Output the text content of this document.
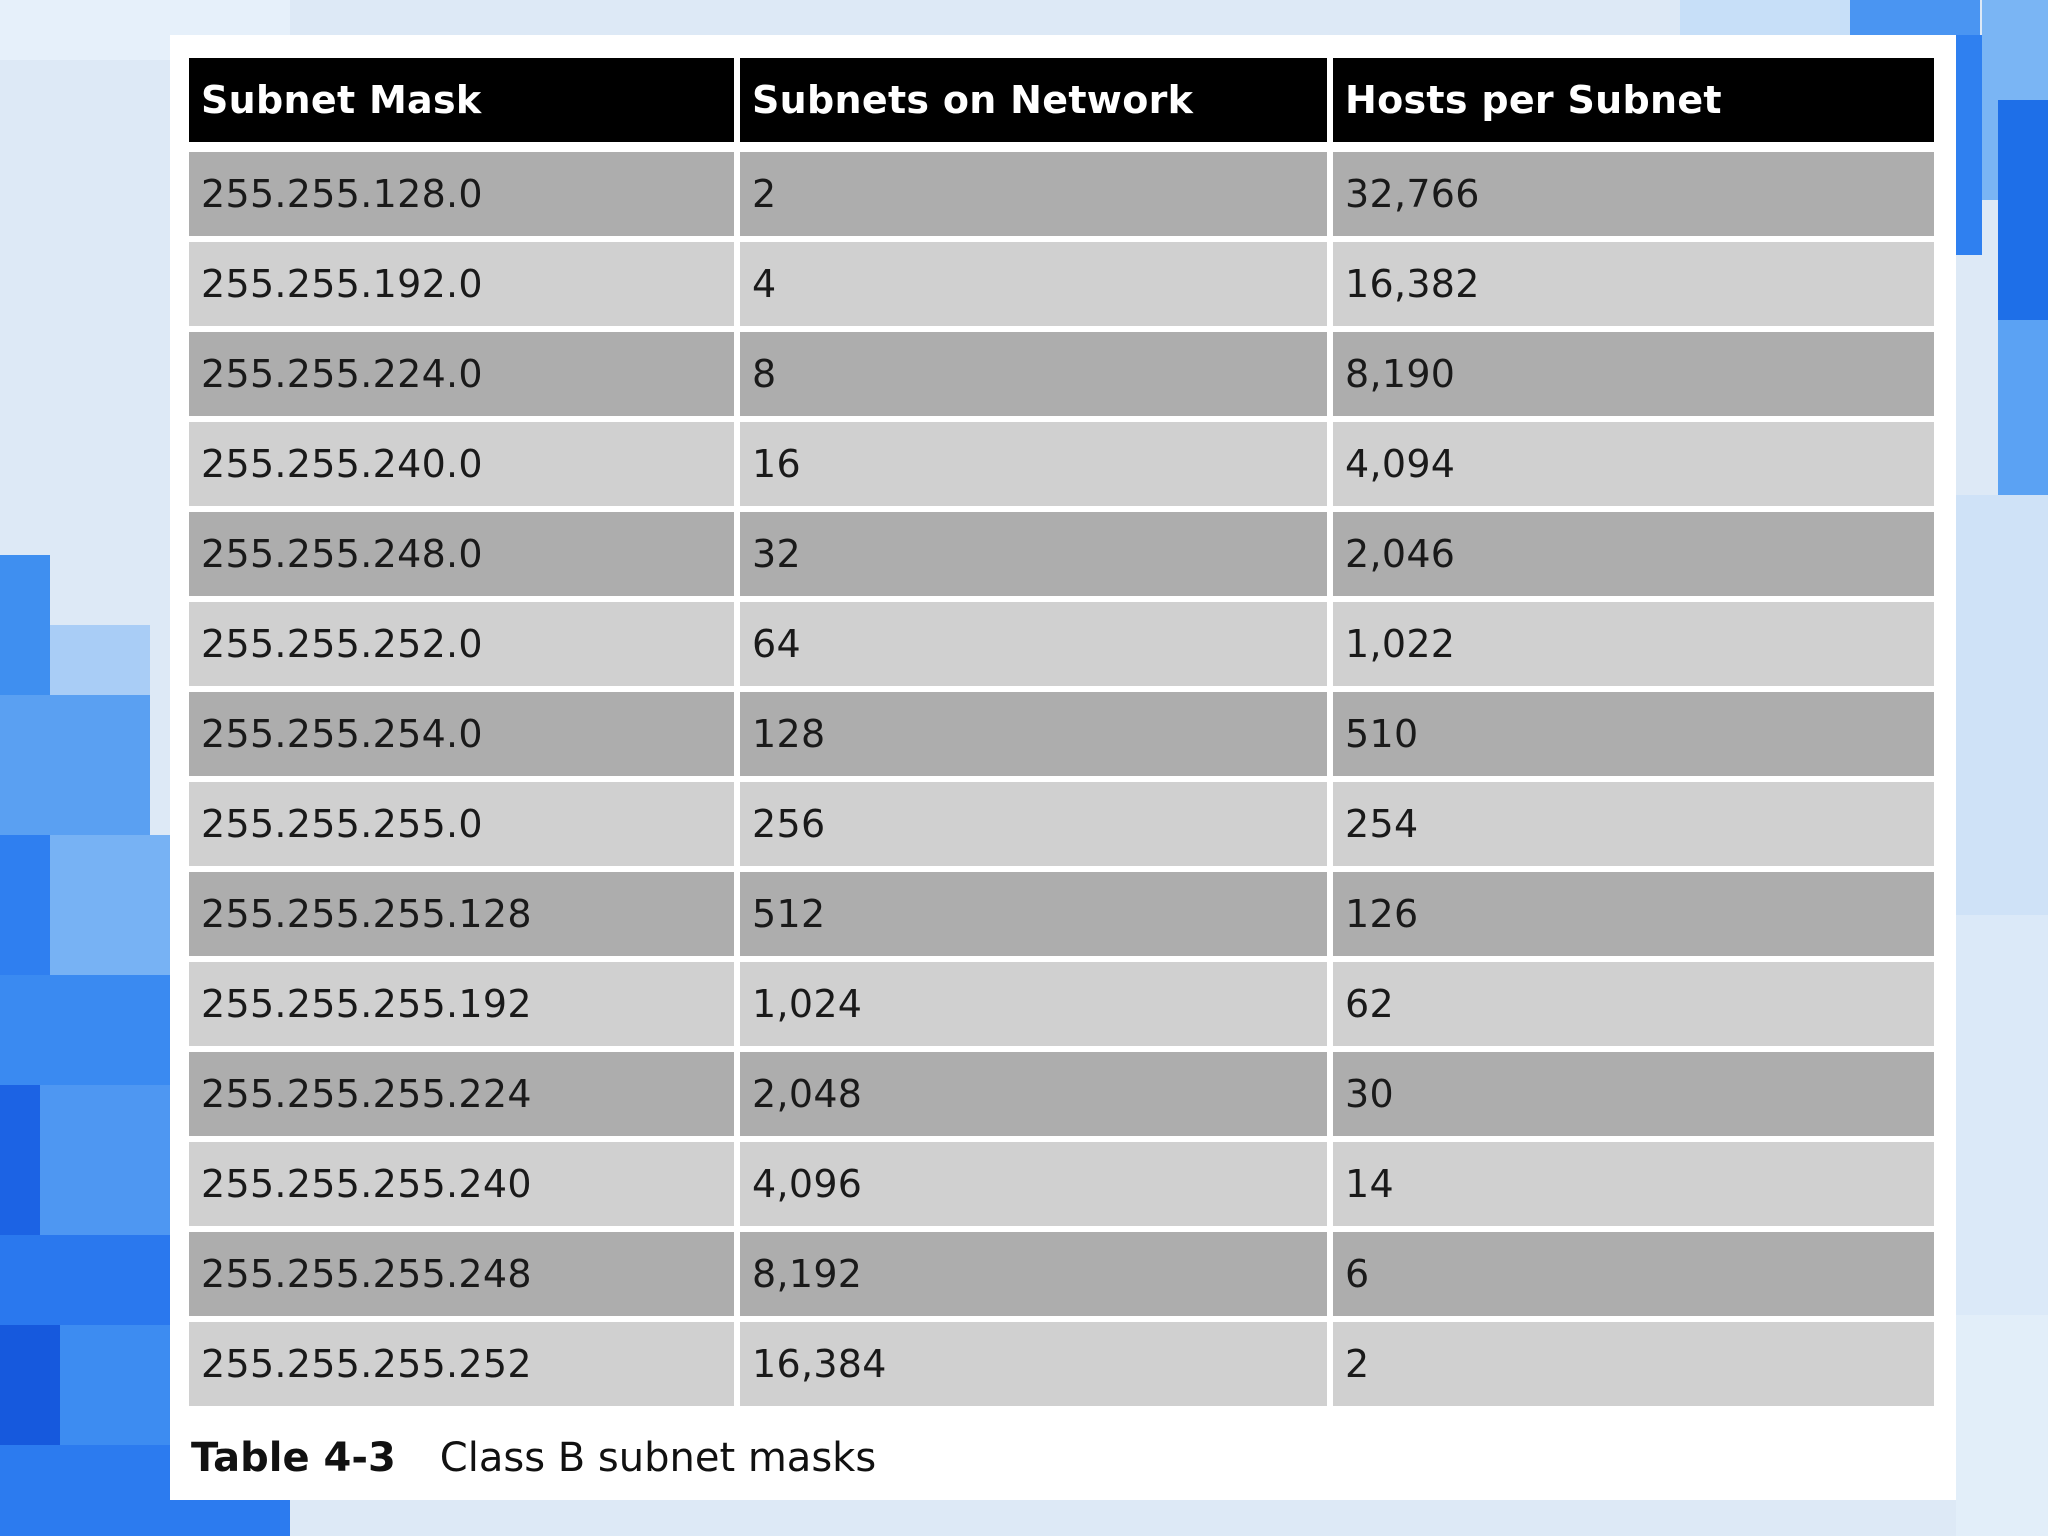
Subnet Mask	Subnets on Network	Hosts per Subnet
255.255.128.0	2	32,766
255.255.192.0	4	16,382
255.255.224.0	8	8,190
255.255.240.0	16	4,094
255.255.248.0	32	2,046
255.255.252.0	64	1,022
255.255.254.0	128	510
255.255.255.0	256	254
255.255.255.128	512	126
255.255.255.192	1,024	62
255.255.255.224	2,048	30
255.255.255.240	4,096	14
255.255.255.248	8,192	6
255.255.255.252	16,384	2
Table 4-3 Class B subnet masks
